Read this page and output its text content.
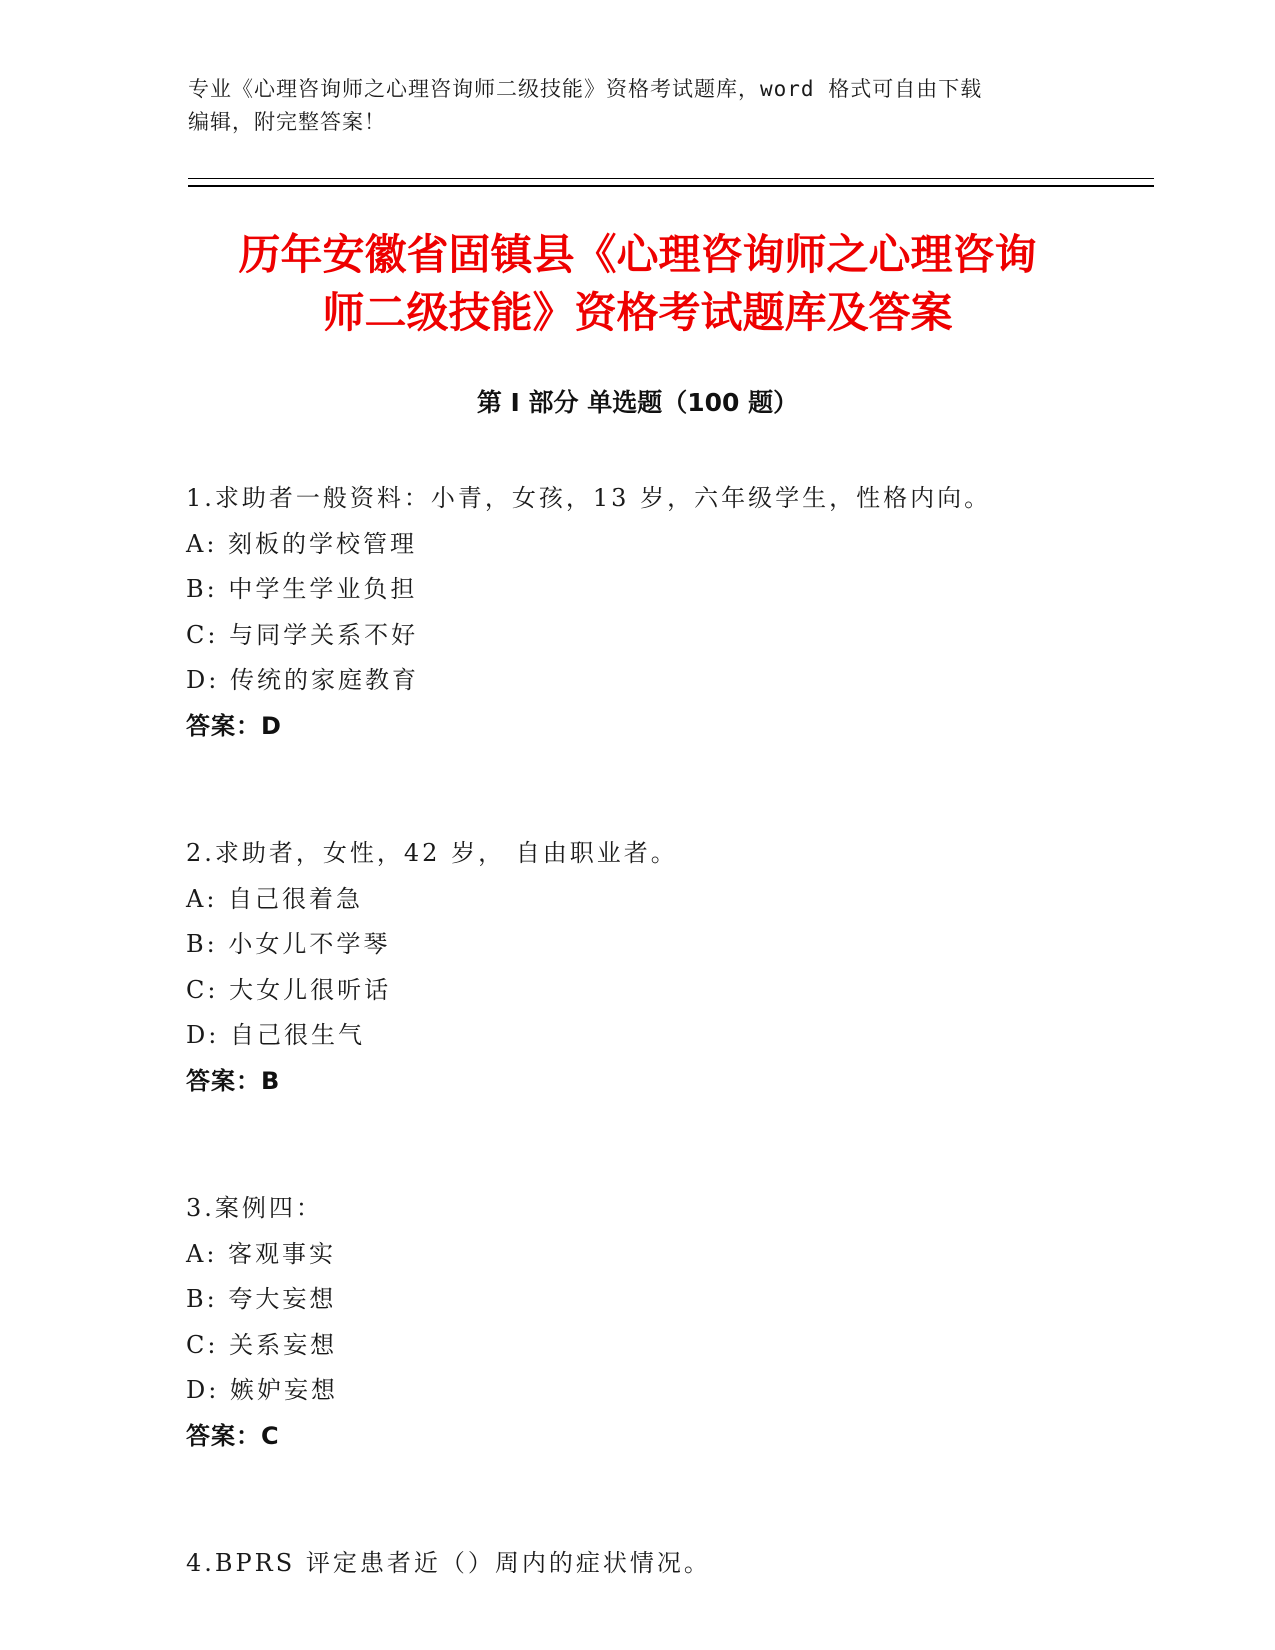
专业《心理咨询师之心理咨询师二级技能》资格考试题库，word 格式可自由下载
编辑，附完整答案！
历年安徽省固镇县《心理咨询师之心理咨询
师二级技能》资格考试题库及答案
第 I 部分 单选题（100 题）
1.求助者一般资料：小青，女孩，13 岁，六年级学生，性格内向。
A: 刻板的学校管理
B: 中学生学业负担
C: 与同学关系不好
D: 传统的家庭教育
答案：D
2.求助者，女性，42 岁， 自由职业者。
A: 自己很着急
B: 小女儿不学琴
C: 大女儿很听话
D: 自己很生气
答案：B
3.案例四：
A: 客观事实
B: 夸大妄想
C: 关系妄想
D: 嫉妒妄想
答案：C
4.BPRS 评定患者近（）周内的症状情况。
